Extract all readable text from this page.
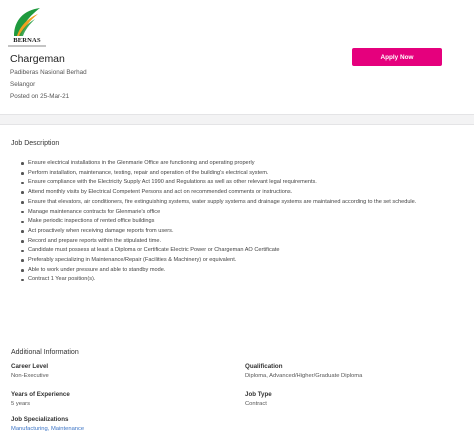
BERNAS
Chargeman
Padiberas Nasional Berhad
Selangor
Posted on 25-Mar-21
Apply Now
Job Description
Ensure electrical installations in the Glenmarie Office are functioning and operating properly
Perform installation, maintenance, testing, repair and operation of the building's electrical system.
Ensure compliance with the Electricity Supply Act 1990 and Regulations as well as other relevant legal requirements.
Attend monthly visits by Electrical Competent Persons and act on recommended comments or instructions.
Ensure that elevators, air conditioners, fire extinguishing systems, water supply systems and drainage systems are maintained according to the set schedule.
Manage maintenance contracts for Glenmarie's office
Make periodic inspections of rented office buildings
Act proactively when receiving damage reports from users.
Record and prepare reports within the stipulated time.
Candidate must possess at least a Diploma or Certificate Electric Power or Chargeman AO Certificate
Preferably specializing in Maintenance/Repair (Facilities & Machinery) or equivalent.
Able to work under pressure and able to standby mode.
Contract 1 Year position(s).
Additional Information
Career Level
Non-Executive
Qualification
Diploma, Advanced/Higher/Graduate Diploma
Years of Experience
5 years
Job Type
Contract
Job Specializations
Manufacturing, Maintenance
